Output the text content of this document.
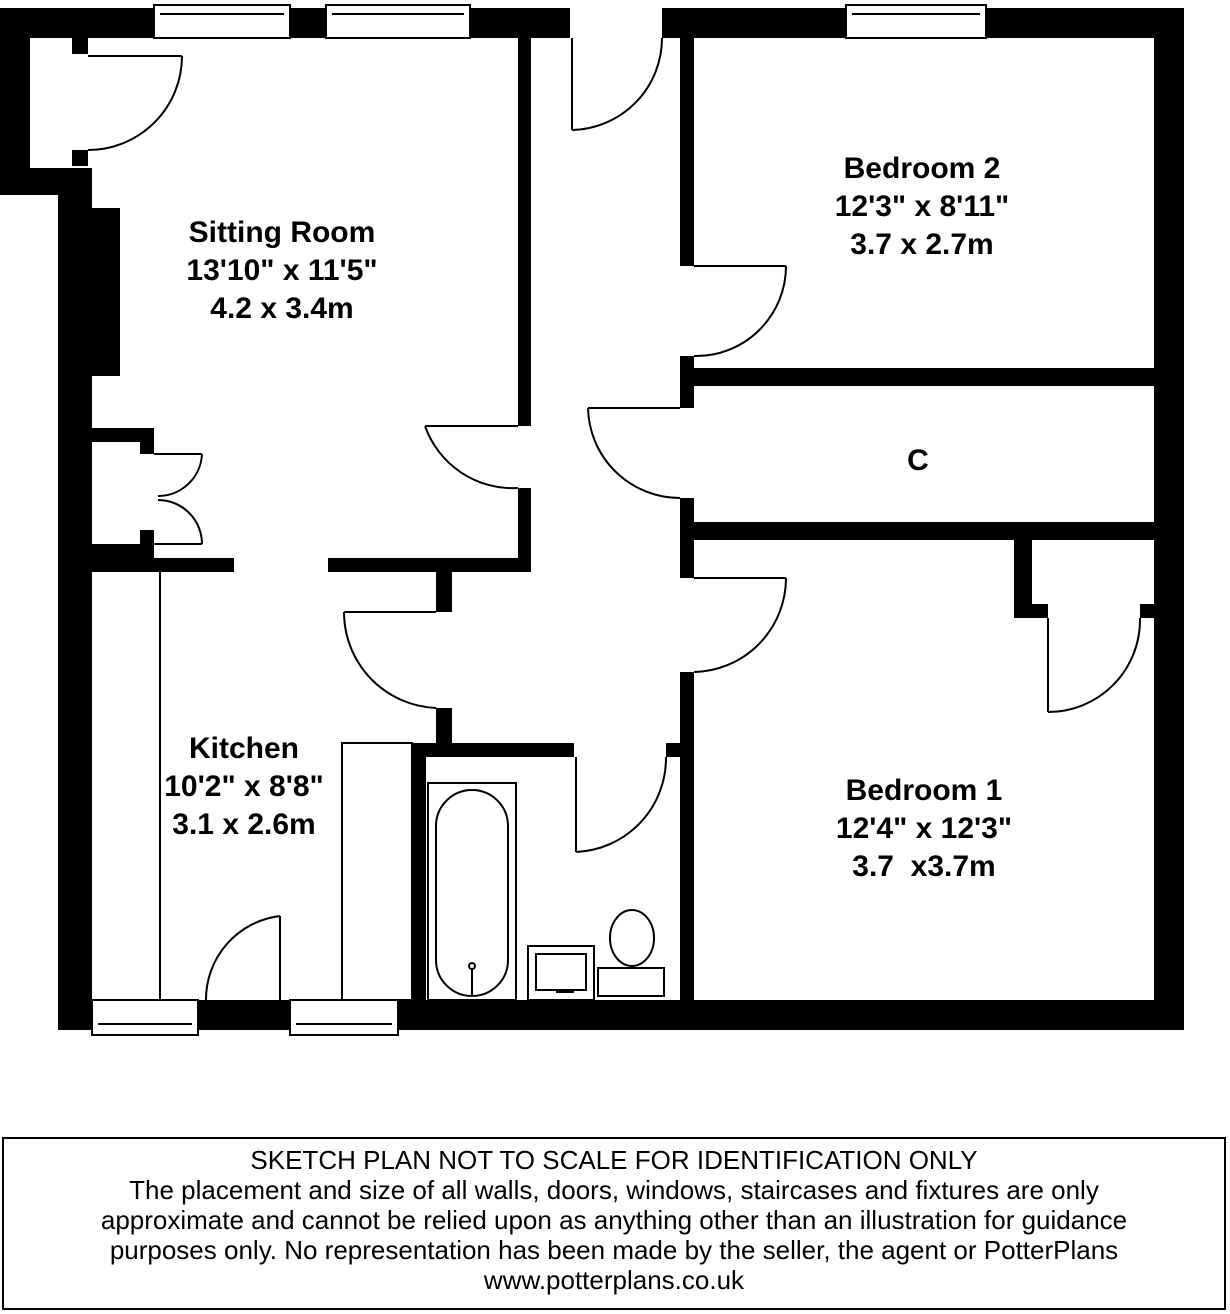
Sitting Room
13'10" x 11'5"
4.2 x 3.4m
Bedroom 2
12'3" x 8'11"
3.7 x 2.7m
C
Kitchen
10'2" x 8'8"
3.1 x 2.6m
Bedroom 1
12'4" x 12'3"
3.7  x3.7m
SKETCH PLAN NOT TO SCALE FOR IDENTIFICATION ONLY
The placement and size of all walls, doors, windows, staircases and fixtures are only
approximate and cannot be relied upon as anything other than an illustration for guidance
purposes only. No representation has been made by the seller, the agent or PotterPlans
www.potterplans.co.uk
